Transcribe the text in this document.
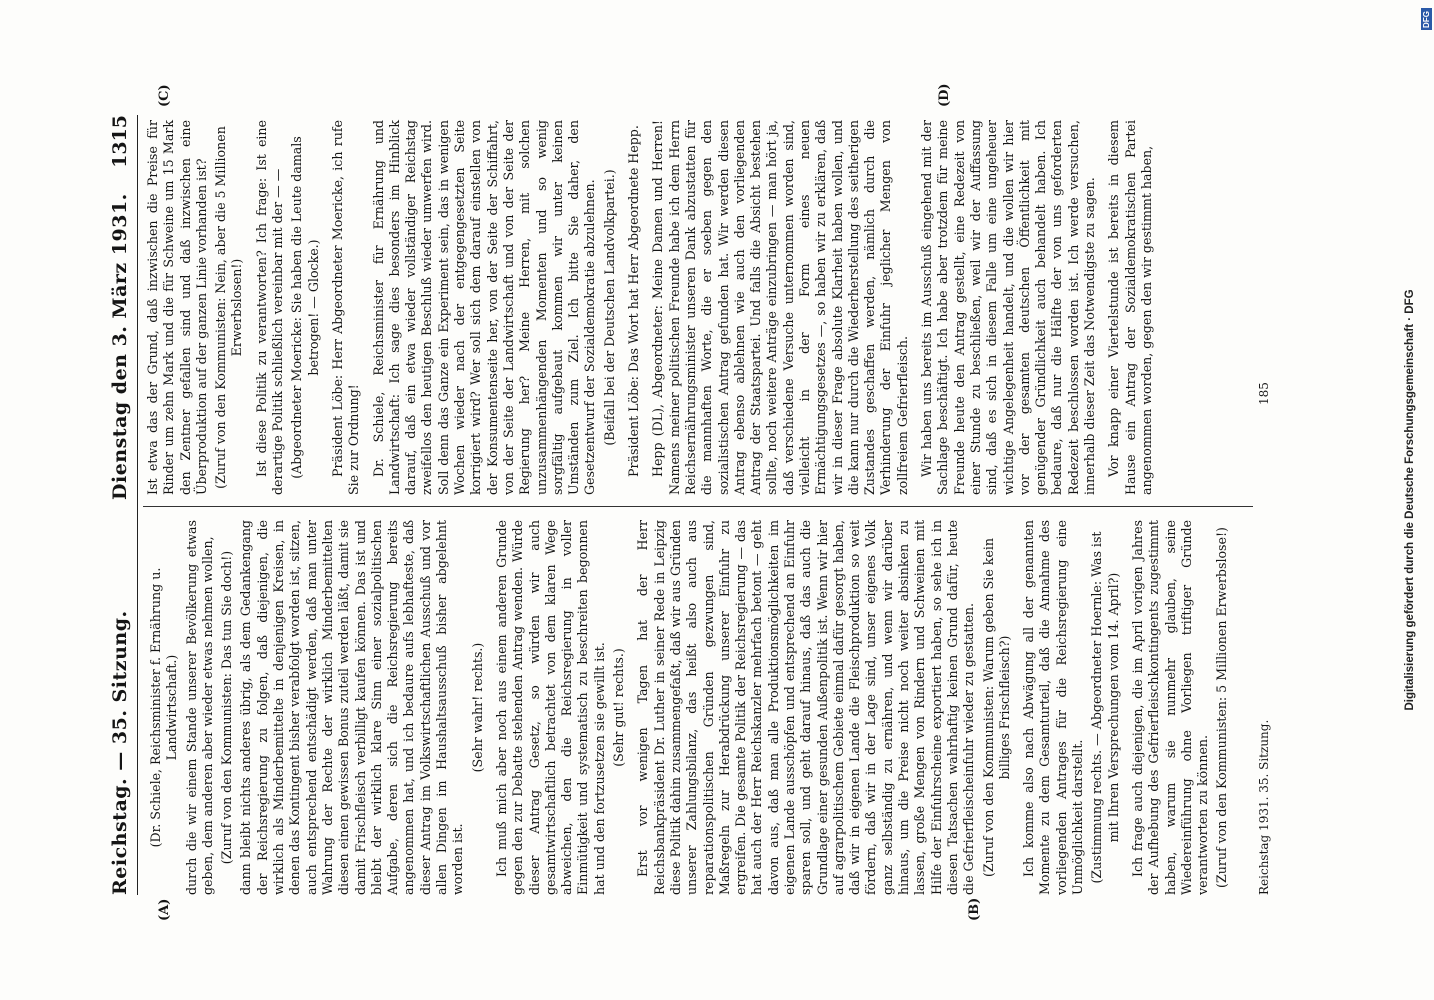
Reichstag. — 35. Sitzung.
Dienstag den 3. März 1931.
1315
(A)	(B)
(C)	(D)

(Dr. Schiele, Reichsminister f. Ernährung u. Landwirtschaft.) durch die wir einem Stande unserer Bevölkerung etwas geben, dem anderen aber wieder etwas nehmen wollen, (Zuruf von den Kommunisten: Das tun Sie doch!) dann bleibt nichts anderes übrig, als dem Gedankengang der Reichsregierung zu folgen, daß diejenigen, die wirklich als Minderbemittelte in denjenigen Kreisen, in denen das Kontingent bisher verabfolgt worden ist, sitzen, auch entsprechend entschädigt werden, daß man unter Wahrung der Rechte der wirklich Minderbemittelten diesen einen gewissen Bonus zuteil werden läßt, damit sie damit Frischfleisch verbilligt kaufen können. Das ist und bleibt der wirklich klare Sinn einer sozialpolitischen Aufgabe, deren sich die Reichsregierung bereits angenommen hat, und ich bedaure aufs lebhafteste, daß dieser Antrag im Volkswirtschaftlichen Ausschuß und vor allen Dingen im Haushaltsausschuß bisher abgelehnt worden ist.

(Sehr wahr! rechts.) Ich muß mich aber noch aus einem anderen Grunde gegen den zur Debatte stehenden Antrag wenden. Würde dieser Antrag Gesetz, so würden wir auch gesamtwirtschaftlich betrachtet von dem klaren Wege abweichen, den die Reichsregierung in voller Einmütigkeit und systematisch zu beschreiten begonnen hat und den fortzusetzen sie gewillt ist. (Sehr gut! rechts.) Erst vor wenigen Tagen hat der Herr Reichsbankpräsident Dr. Luther in seiner Rede in Leipzig diese Politik dahin zusammengefaßt, daß wir aus Gründen unserer Zahlungsbilanz, das heißt also auch aus reparationspolitischen Gründen gezwungen sind, Maßregeln zur Herabdrückung unserer Einfuhr zu ergreifen. Die gesamte Politik der Reichsregierung — das hat auch der Herr Reichskanzler mehrfach betont — geht davon aus, daß man alle Produktionsmöglichkeiten im eigenen Lande ausschöpfen und entsprechend an Einfuhr sparen soll, und geht darauf hinaus, daß das auch die Grundlage einer gesunden Außenpolitik ist. Wenn wir hier auf agrarpolitischem Gebiete einmal dafür gesorgt haben, daß wir in eigenen Lande die Fleischproduktion so weit fördern, daß wir in der Lage sind, unser eigenes Volk ganz selbständig zu ernähren, und wenn wir darüber hinaus, um die Preise nicht noch weiter absinken zu lassen, große Mengen von Rindern und Schweinen mit Hilfe der Einfuhrscheine exportiert haben, so sehe ich in diesen Tatsachen wahrhaftig keinen Grund dafür, heute die Gefrierfleischeinfuhr wieder zu gestatten. (Zuruf von den Kommunisten: Warum geben Sie kein billiges Frischfleisch?) Ich komme also nach Abwägung all der genannten Momente zu dem Gesamturteil, daß die Annahme des vorliegenden Antrages für die Reichsregierung eine Unmöglichkeit darstellt. (Zustimmung rechts. — Abgeordneter Hoernle: Was ist mit Ihren Versprechungen vom 14. April?) Ich frage auch diejenigen, die im April vorigen Jahres der Aufhebung des Gefrierfleischkontingents zugestimmt haben, warum sie nunmehr glauben, seine Wiedereinführung ohne Vorliegen triftiger Gründe verantworten zu können. (Zuruf von den Kommunisten: 5 Millionen Erwerbslose!)

Ist etwa das der Grund, daß inzwischen die Preise für Rinder um zehn Mark und die für Schweine um 15 Mark den Zentner gefallen sind und daß inzwischen eine Überproduktion auf der ganzen Linie vorhanden ist? (Zuruf von den Kommunisten: Nein, aber die 5 Millionen Erwerbslosen!) Ist diese Politik zu verantworten? Ich frage: Ist eine derartige Politik schließlich vereinbar mit der — — (Abgeordneter Moericke: Sie haben die Leute damals betrogen! — Glocke.) Präsident Löbe: Herr Abgeordneter Moericke, ich rufe Sie zur Ordnung! Dr. Schiele, Reichsminister für Ernährung und Landwirtschaft: Ich sage dies besonders im Hinblick darauf, daß ein etwa wieder vollständiger Reichstag zweifellos den heutigen Beschluß wieder umwerfen wird. Soll denn das Ganze ein Experiment sein, das in wenigen Wochen wieder nach der entgegengesetzten Seite korrigiert wird? Wer soll sich dem darauf einstellen von der Konsumentenseite her, von der Seite der Schiffahrt, von der Seite der Landwirtschaft und von der Seite der Regierung her? Meine Herren, mit solchen unzusammenhängenden Momenten und so wenig sorgfältig aufgebaut kommen wir unter keinen Umständen zum Ziel. Ich bitte Sie daher, den Gesetzentwurf der Sozialdemokratie abzulehnen. (Beifall bei der Deutschen Landvolkpartei.) Präsident Löbe: Das Wort hat Herr Abgeordnete Hepp. Hepp (DL), Abgeordneter: Meine Damen und Herren! Namens meiner politischen Freunde habe ich dem Herrn Reichsernährungsminister unseren Dank abzustatten für die mannhaften Worte, die er soeben gegen den sozialistischen Antrag gefunden hat. Wir werden diesen Antrag ebenso ablehnen wie auch den vorliegenden Antrag der Staatspartei. Und falls die Absicht bestehen sollte, noch weitere Anträge einzubringen — man hört ja, daß verschiedene Versuche unternommen worden sind, vielleicht in der Form eines neuen Ermächtigungsgesetzes —, so haben wir zu erklären, daß wir in dieser Frage absolute Klarheit haben wollen, und die kann nur durch die Wiederherstellung des seitherigen Zustandes geschaffen werden, nämlich durch die Verhinderung der Einfuhr jeglicher Mengen von zollfreiem Gefrierfleisch. Wir haben uns bereits im Ausschuß eingehend mit der Sachlage beschäftigt. Ich habe aber trotzdem für meine Freunde heute den Antrag gestellt, eine Redezeit von einer Stunde zu beschließen, weil wir der Auffassung sind, daß es sich in diesem Falle um eine ungeheuer wichtige Angelegenheit handelt, und die wollen wir hier vor der gesamten deutschen Öffentlichkeit mit genügender Gründlichkeit auch behandelt haben. Ich bedaure, daß nur die Hälfte der von uns geforderten Redezeit beschlossen worden ist. Ich werde versuchen, innerhalb dieser Zeit das Notwendigste zu sagen. Vor knapp einer Viertelstunde ist bereits in diesem Hause ein Antrag der Sozialdemokratischen Partei angenommen worden, gegen den wir gestimmt haben,

Reichstag 1931. 35. Sitzung.
185	Digitalisierung gefördert durch die Deutsche Forschungsgemeinschaft · DFG
DFG
